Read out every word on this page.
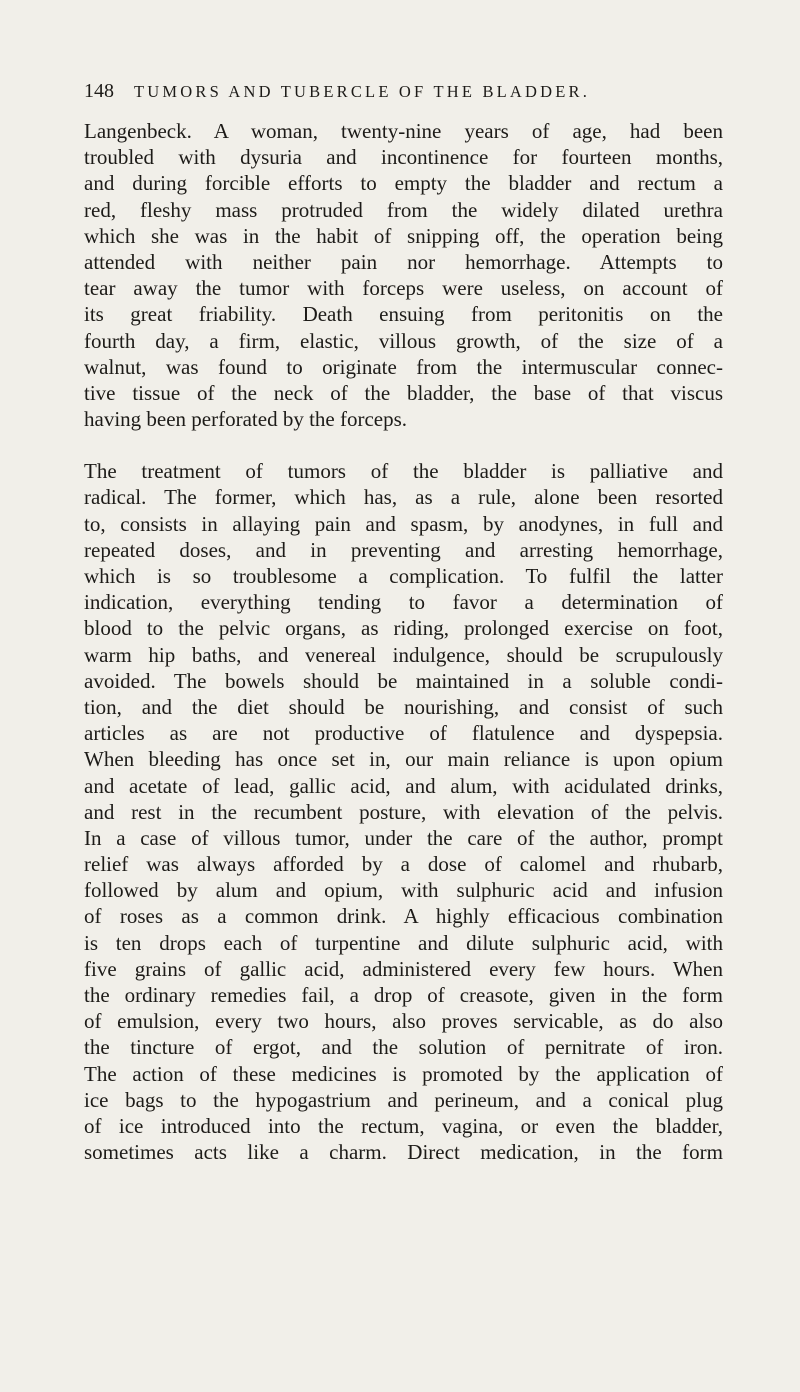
148 TUMORS AND TUBERCLE OF THE BLADDER.

Langenbeck. A woman, twenty-nine years of age, had been
troubled with dysuria and incontinence for fourteen months,
and during forcible efforts to empty the bladder and rectum a
red, fleshy mass protruded from the widely dilated urethra
which she was in the habit of snipping off, the operation being
attended with neither pain nor hemorrhage. Attempts to
tear away the tumor with forceps were useless, on account of
its great friability. Death ensuing from peritonitis on the
fourth day, a firm, elastic, villous growth, of the size of a
walnut, was found to originate from the intermuscular connec-
tive tissue of the neck of the bladder, the base of that viscus
having been perforated by the forceps.

The treatment of tumors of the bladder is palliative and
radical. The former, which has, as a rule, alone been resorted
to, consists in allaying pain and spasm, by anodynes, in full and
repeated doses, and in preventing and arresting hemorrhage,
which is so troublesome a complication. To fulfil the latter
indication, everything tending to favor a determination of
blood to the pelvic organs, as riding, prolonged exercise on foot,
warm hip baths, and venereal indulgence, should be scrupulously
avoided. The bowels should be maintained in a soluble condi-
tion, and the diet should be nourishing, and consist of such
articles as are not productive of flatulence and dyspepsia.
When bleeding has once set in, our main reliance is upon opium
and acetate of lead, gallic acid, and alum, with acidulated drinks,
and rest in the recumbent posture, with elevation of the pelvis.
In a case of villous tumor, under the care of the author, prompt
relief was always afforded by a dose of calomel and rhubarb,
followed by alum and opium, with sulphuric acid and infusion
of roses as a common drink. A highly efficacious combination
is ten drops each of turpentine and dilute sulphuric acid, with
five grains of gallic acid, administered every few hours. When
the ordinary remedies fail, a drop of creasote, given in the form
of emulsion, every two hours, also proves servicable, as do also
the tincture of ergot, and the solution of pernitrate of iron.
The action of these medicines is promoted by the application of
ice bags to the hypogastrium and perineum, and a conical plug
of ice introduced into the rectum, vagina, or even the bladder,
sometimes acts like a charm. Direct medication, in the form
